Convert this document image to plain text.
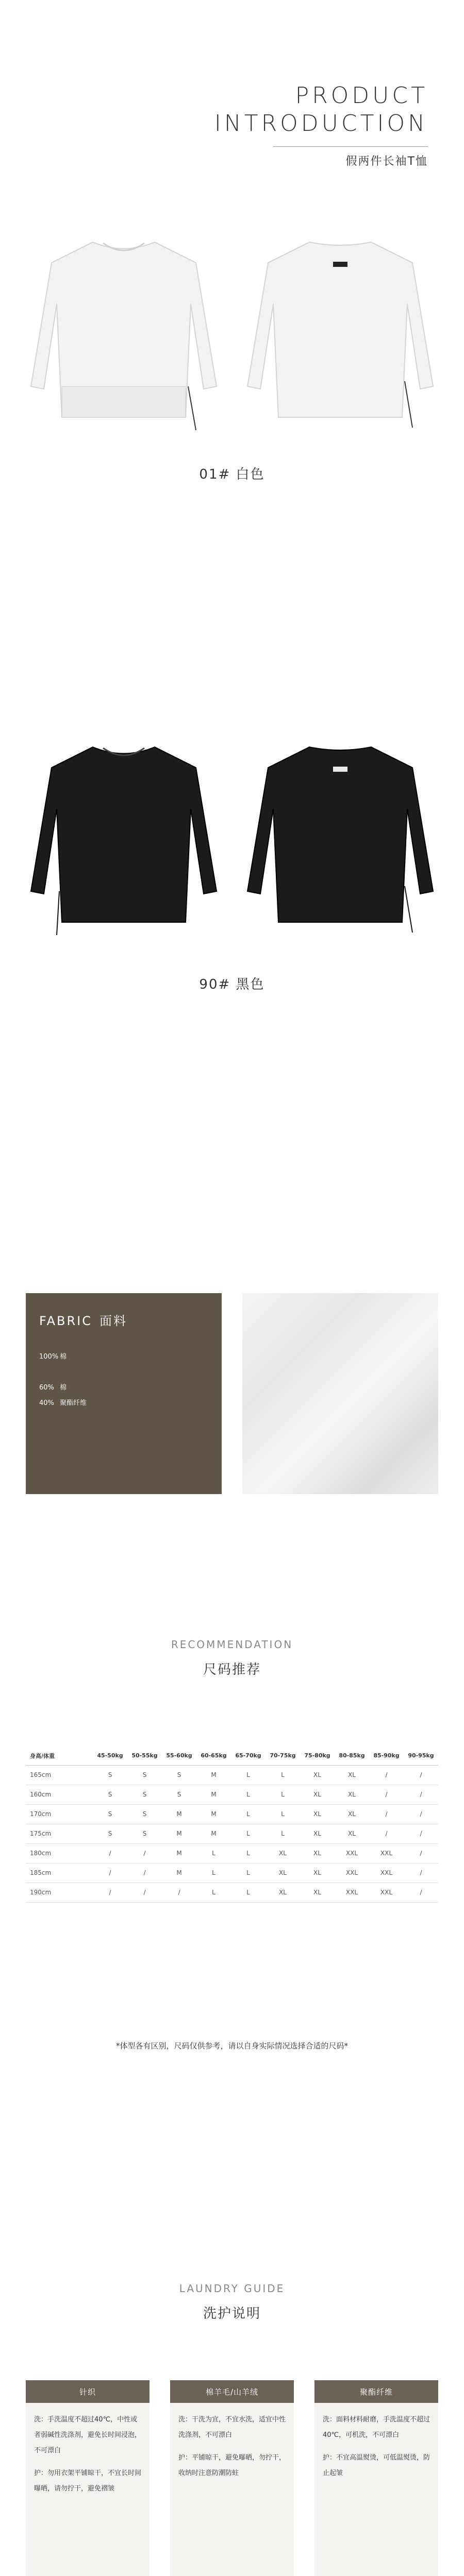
PRODUCT
INTRODUCTION
假两件长袖T恤
01# 白色
90# 黑色
FABRIC 面料
100% 棉
60% 棉
40% 聚酯纤维
RECOMMENDATION
尺码推荐
身高/体重	45-50kg	50-55kg	55-60kg	60-65kg	65-70kg	70-75kg	75-80kg	80-85kg	85-90kg	90-95kg
165cm	S	S	S	M	L	L	XL	XL	/	/
160cm	S	S	S	M	L	L	XL	XL	/	/
170cm	S	S	M	M	L	L	XL	XL	/	/
175cm	S	S	M	M	L	L	XL	XL	/	/
180cm	/	/	M	L	L	XL	XL	XXL	XXL	/
185cm	/	/	M	L	L	XL	XL	XXL	XXL	/
190cm	/	/	/	L	L	XL	XL	XXL	XXL	/
*体型各有区别，尺码仅供参考，请以自身实际情况选择合适的尺码*
LAUNDRY GUIDE
洗护说明
针织

洗：手洗温度不超过40℃，中性或者弱碱性洗涤剂，避免长时间浸泡，不可漂白

护：勿用衣架平铺晾干，不宜长时间曝晒，请勿拧干，避免褶皱

棉羊毛/山羊绒

洗：干洗为宜，不宜水洗，适宜中性洗涤剂，不可漂白

护：平铺晾干，避免曝晒，勿拧干，收纳时注意防潮防蛀

聚酯纤维

洗：面料材料耐磨，手洗温度不超过40℃，可机洗，不可漂白

护：不宜高温熨烫，可低温熨烫，防止起皱
